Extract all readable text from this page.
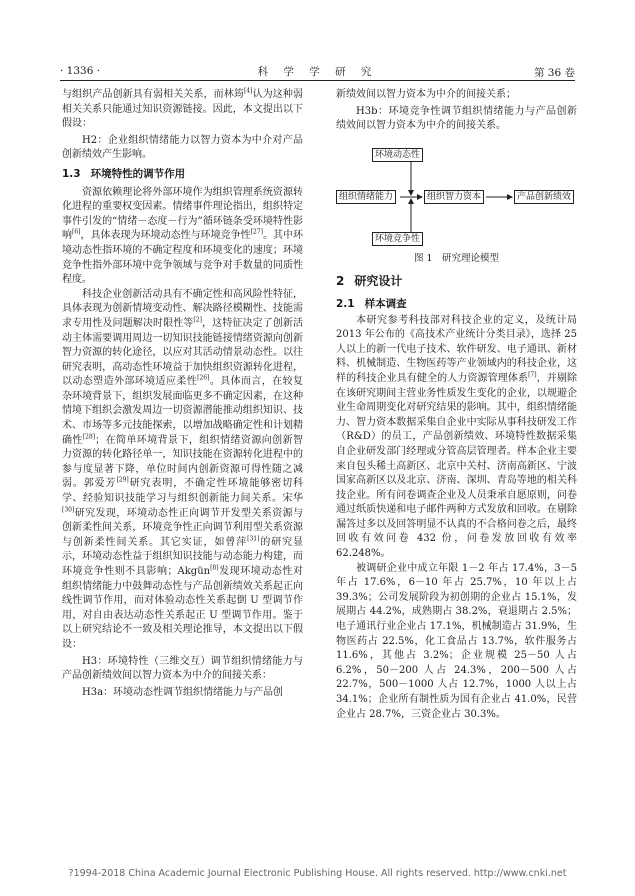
· 1336 ·	科 学 学 研 究	第 36 卷

与组织产品创新具有弱相关关系，而林筠[4]认为这种弱相关关系只能通过知识资源链接。因此，本文提出以下假设：

H2：企业组织情绪能力以智力资本为中介对产品创新绩效产生影响。

1.3 环境特性的调节作用

资源依赖理论将外部环境作为组织管理系统资源转化进程的重要权变因素。情绪事件理论指出，组织特定事件引发的“情绪－态度－行为”循环链条受环境特性影响[6]，具体表现为环境动态性与环境竞争性[27]。其中环境动态性指环境的不确定程度和环境变化的速度；环境竞争性指外部环境中竞争领域与竞争对手数量的同质性程度。

科技企业创新活动具有不确定性和高风险性特征，具体表现为创新情境变动性、解决路径模糊性、技能需求专用性及问题解决时限性等[2]，这特征决定了创新活动主体需要调用周边一切知识技能链接情绪资源向创新智力资源的转化途径，以应对其活动情景动态性。以往研究表明，高动态性环境益于加快组织资源转化进程，以动态塑造外部环境适应柔性[26]。具体而言，在较复杂环境背景下，组织发展面临更多不确定因素，在这种情境下组织会激发周边一切资源潜能推动组织知识、技术、市场等多元技能探索，以增加战略确定性和计划精确性[28]；在简单环境背景下，组织情绪资源向创新智力资源的转化路径单一，知识技能在资源转化进程中的参与度显著下降，单位时间内创新资源可得性随之减弱。郭爱芳[29]研究表明，不确定性环境能够密切科学、经验知识技能学习与组织创新能力间关系。宋华[30]研究发现，环境动态性正向调节开发型关系资源与创新柔性间关系，环境竞争性正向调节利用型关系资源与创新柔性间关系。其它实证，如曾萍[31]的研究显示，环境动态性益于组织知识技能与动态能力构建，而环境竞争性则不具影响；Akgün[8]发现环境动态性对组织情绪能力中鼓舞动态性与产品创新绩效关系起正向线性调节作用，而对体验动态性关系起倒 U 型调节作用，对自由表达动态性关系起正 U 型调节作用。鉴于以上研究结论不一致及相关理论推导，本文提出以下假设：

H3：环境特性（三维交互）调节组织情绪能力与产品创新绩效间以智力资本为中介的间接关系：

H3a：环境动态性调节组织情绪能力与产品创

新绩效间以智力资本为中介的间接关系；

H3b：环境竞争性调节组织情绪能力与产品创新绩效间以智力资本为中介的间接关系。

环境动态性
组织情绪能力	组织智力资本	产品创新绩效
环境竞争性
图 1　研究理论模型
2 研究设计
2.1 样本调查

本研究参考科技部对科技企业的定义，及统计局 2013 年公布的《高技术产业统计分类目录》，选择 25 人以上的新一代电子技术、软件研发、电子通讯、新材料、机械制造、生物医药等产业领域内的科技企业，这样的科技企业具有健全的人力资源管理体系[7]，并剔除在该研究期间主营业务性质发生变化的企业，以规避企业生命周期变化对研究结果的影响。其中，组织情绪能力、智力资本数据采集自企业中实际从事科技研发工作（R&D）的员工，产品创新绩效、环境特性数据采集自企业研发部门经理或分管高层管理者。样本企业主要来自包头稀土高新区、北京中关村、济南高新区、宁波国家高新区以及北京、济南、深圳、青岛等地的相关科技企业。所有问卷调查企业及人员秉承自愿原则，问卷通过纸质快递和电子邮件两种方式发放和回收。在剔除漏答过多以及回答明显不认真的不合格问卷之后，最终回收有效问卷 432 份，问卷发放回收有效率 62.248%。

被调研企业中成立年限 1－2 年占 17.4%，3－5 年占 17.6%，6－10 年占 25.7%，10 年以上占 39.3%；公司发展阶段为初创期的企业占 15.1%，发展期占 44.2%，成熟期占 38.2%，衰退期占 2.5%；电子通讯行业企业占 17.1%，机械制造占 31.9%，生物医药占 22.5%，化工食品占 13.7%，软件服务占 11.6%，其他占 3.2%；企业规模 25－50 人占 6.2%，50－200 人占 24.3%，200－500 人占 22.7%，500－1000 人占 12.7%，1000 人以上占 34.1%；企业所有制性质为国有企业占 41.0%，民营企业占 28.7%，三资企业占 30.3%。

?1994-2018 China Academic Journal Electronic Publishing House. All rights reserved. http://www.cnki.net
